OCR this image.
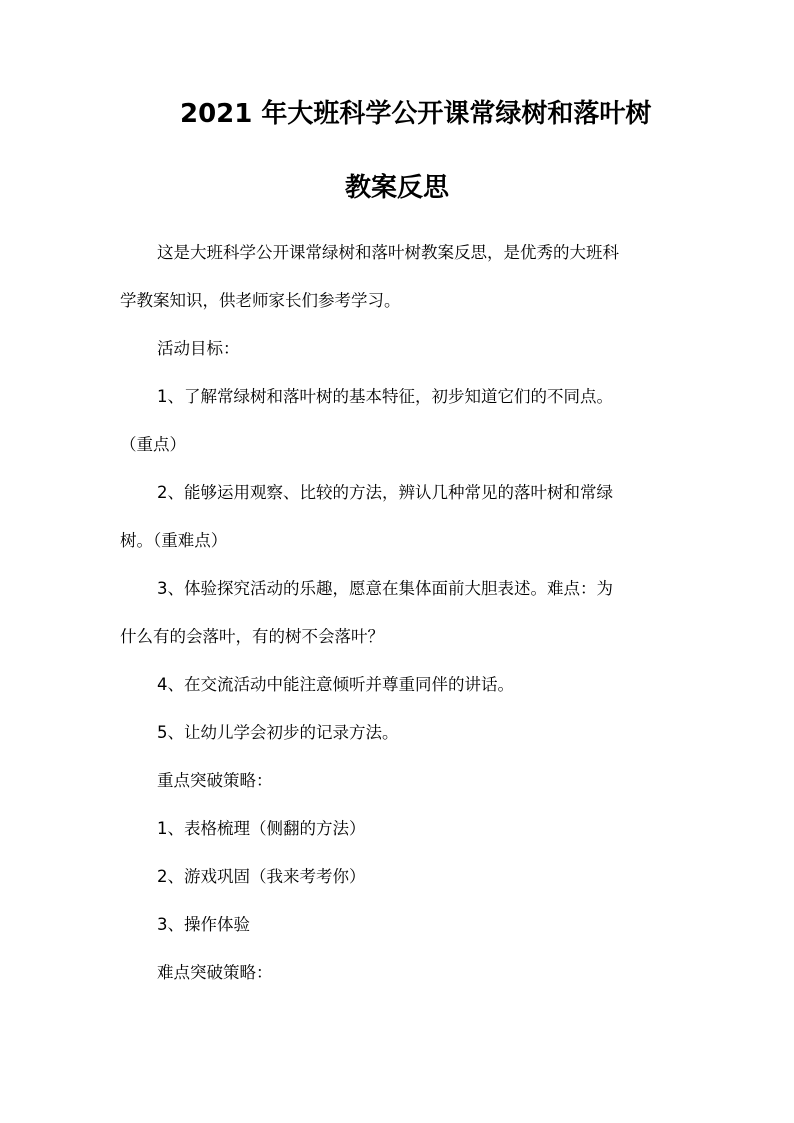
2021 年大班科学公开课常绿树和落叶树
教案反思
这是大班科学公开课常绿树和落叶树教案反思，是优秀的大班科
学教案知识，供老师家长们参考学习。
活动目标：
1、了解常绿树和落叶树的基本特征，初步知道它们的不同点。
（重点）
2、能够运用观察、比较的方法，辨认几种常见的落叶树和常绿
树。（重难点）
3、体验探究活动的乐趣，愿意在集体面前大胆表述。难点：为
什么有的会落叶，有的树不会落叶？
4、在交流活动中能注意倾听并尊重同伴的讲话。
5、让幼儿学会初步的记录方法。
重点突破策略：
1、表格梳理（侧翻的方法）
2、游戏巩固（我来考考你）
3、操作体验
难点突破策略：
